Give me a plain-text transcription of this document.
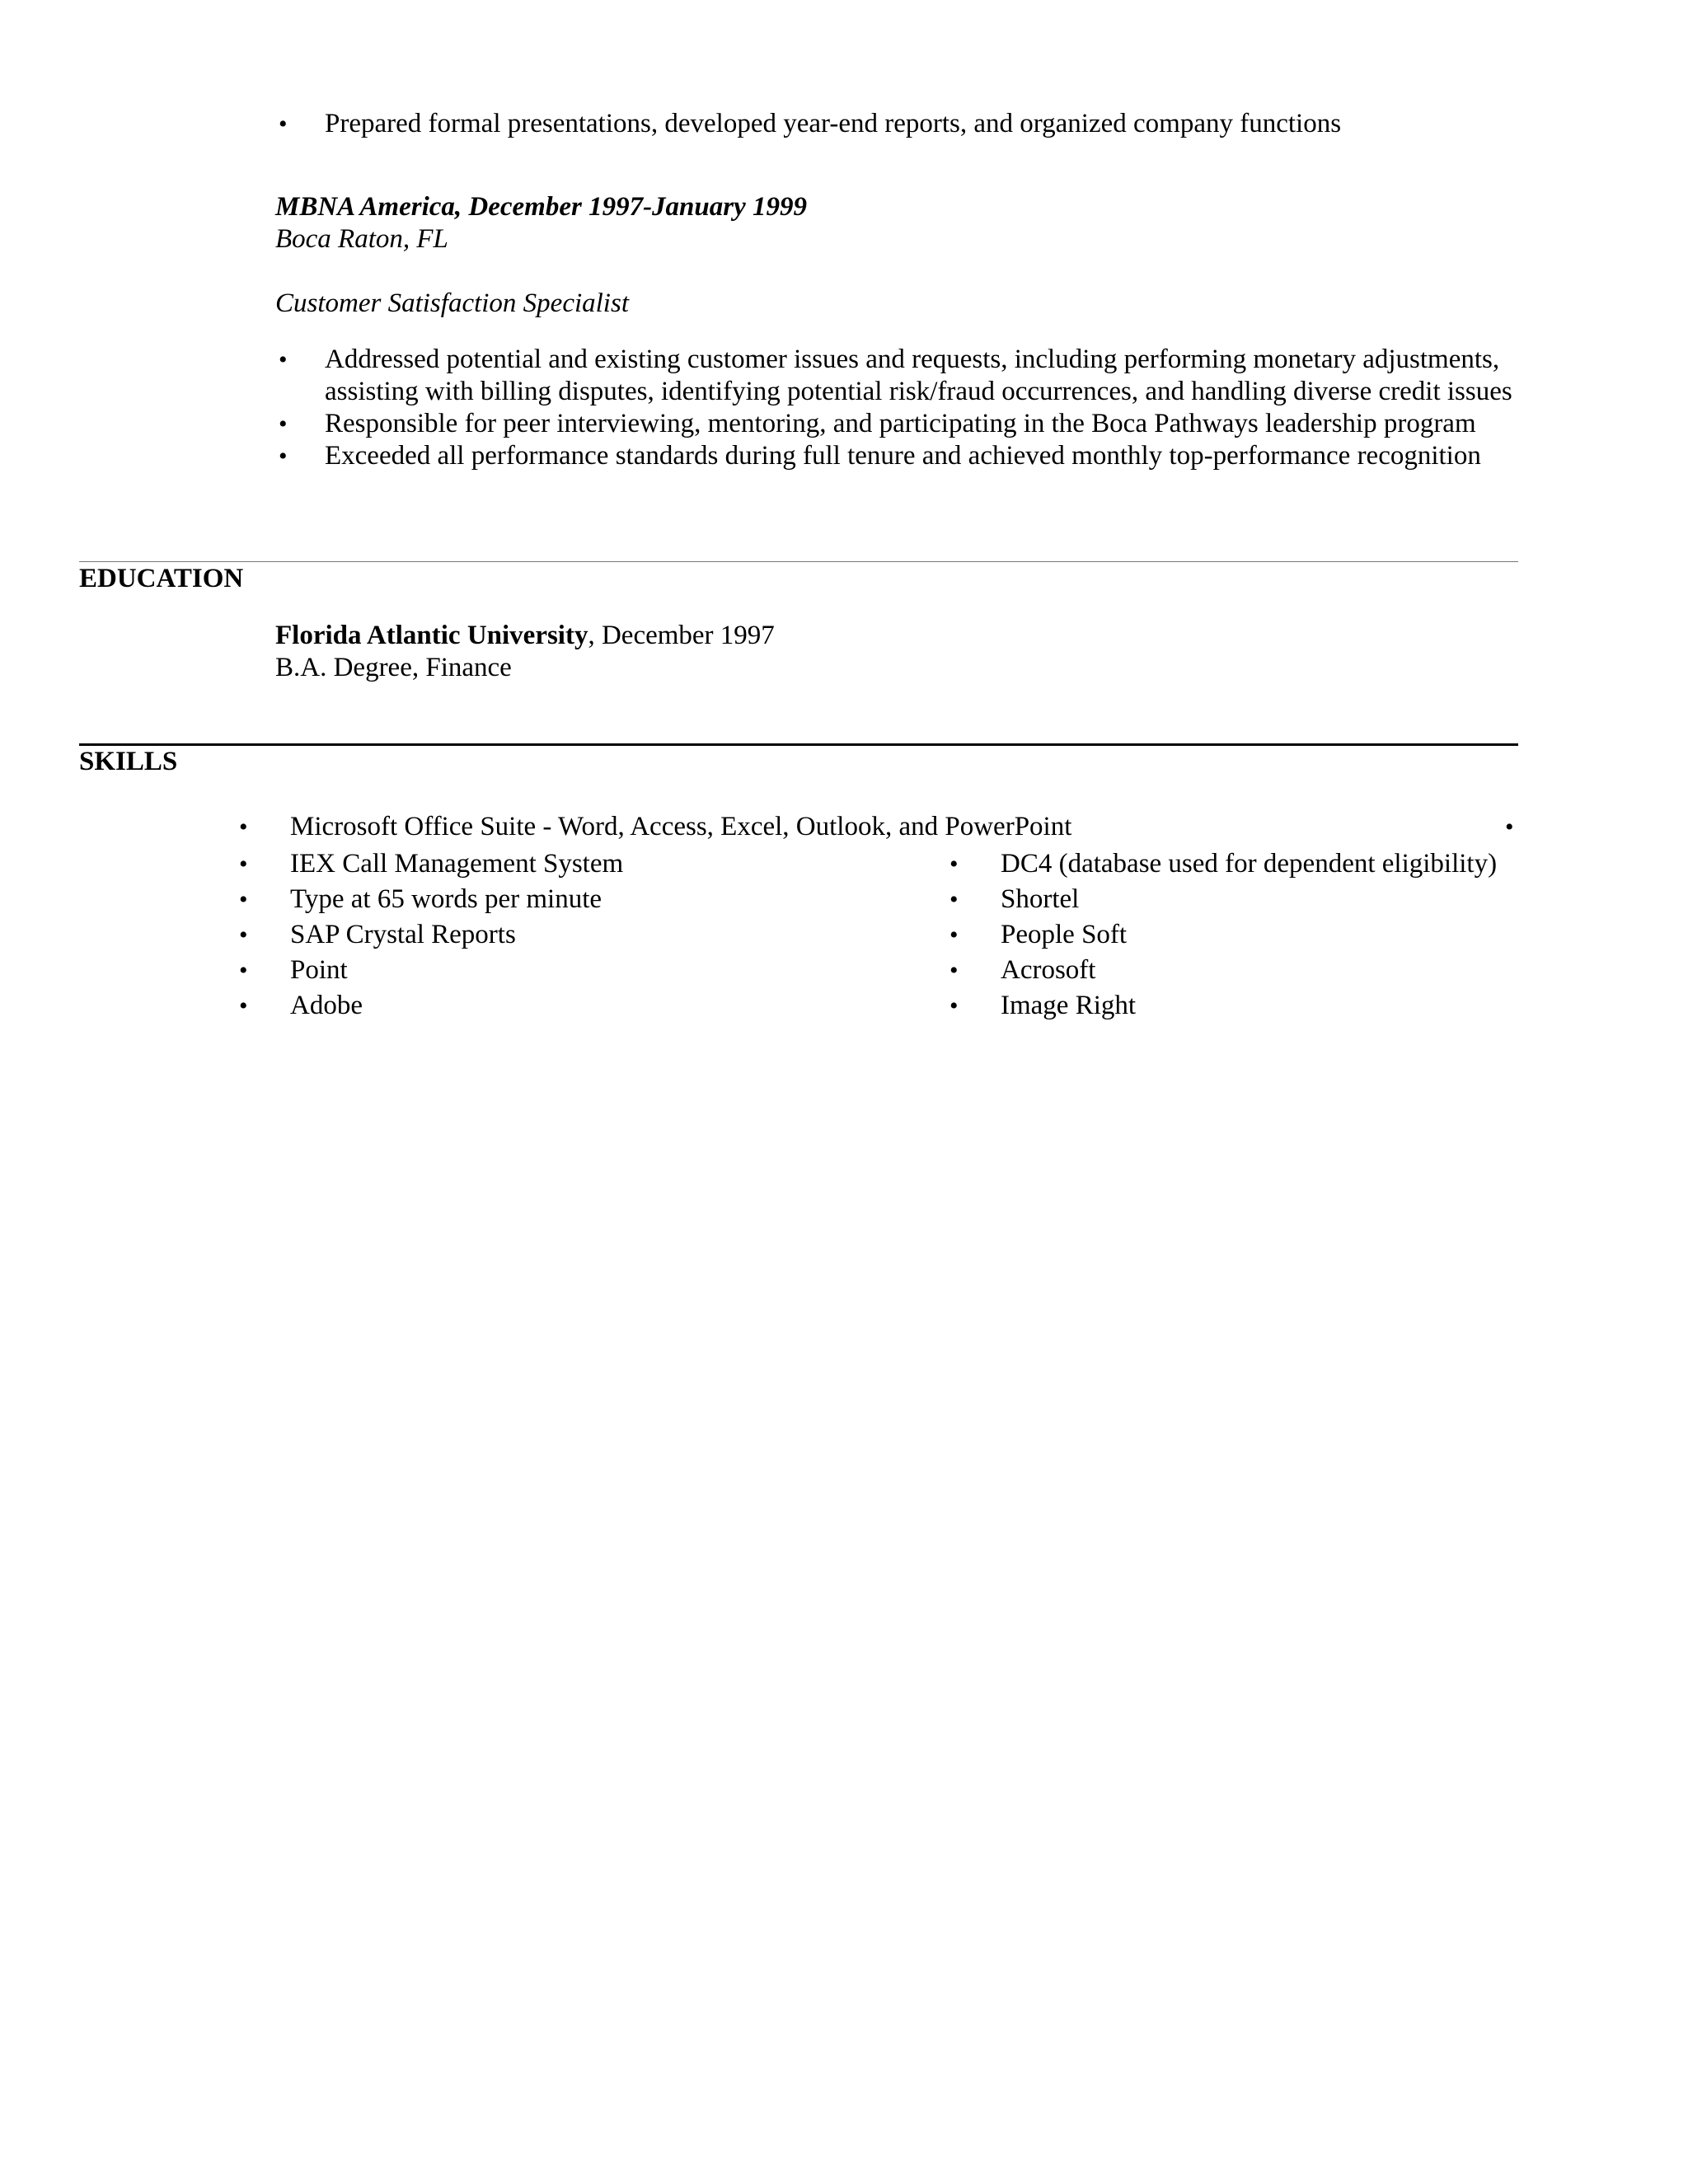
• Prepared formal presentations, developed year-end reports, and organized company functions
MBNA America, December 1997-January 1999
Boca Raton, FL
Customer Satisfaction Specialist
• Addressed potential and existing customer issues and requests, including performing monetary adjustments, assisting with billing disputes, identifying potential risk/fraud occurrences, and handling diverse credit issues
• Responsible for peer interviewing, mentoring, and participating in the Boca Pathways leadership program
• Exceeded all performance standards during full tenure and achieved monthly top-performance recognition
EDUCATION
Florida Atlantic University, December 1997
B.A. Degree, Finance
SKILLS
• Microsoft Office Suite - Word, Access, Excel, Outlook, and PowerPoint	•
• IEX Call Management System
• Type at 65 words per minute
• SAP Crystal Reports
• Point
• Adobe
• DC4 (database used for dependent eligibility)
• Shortel
• People Soft
• Acrosoft
• Image Right
